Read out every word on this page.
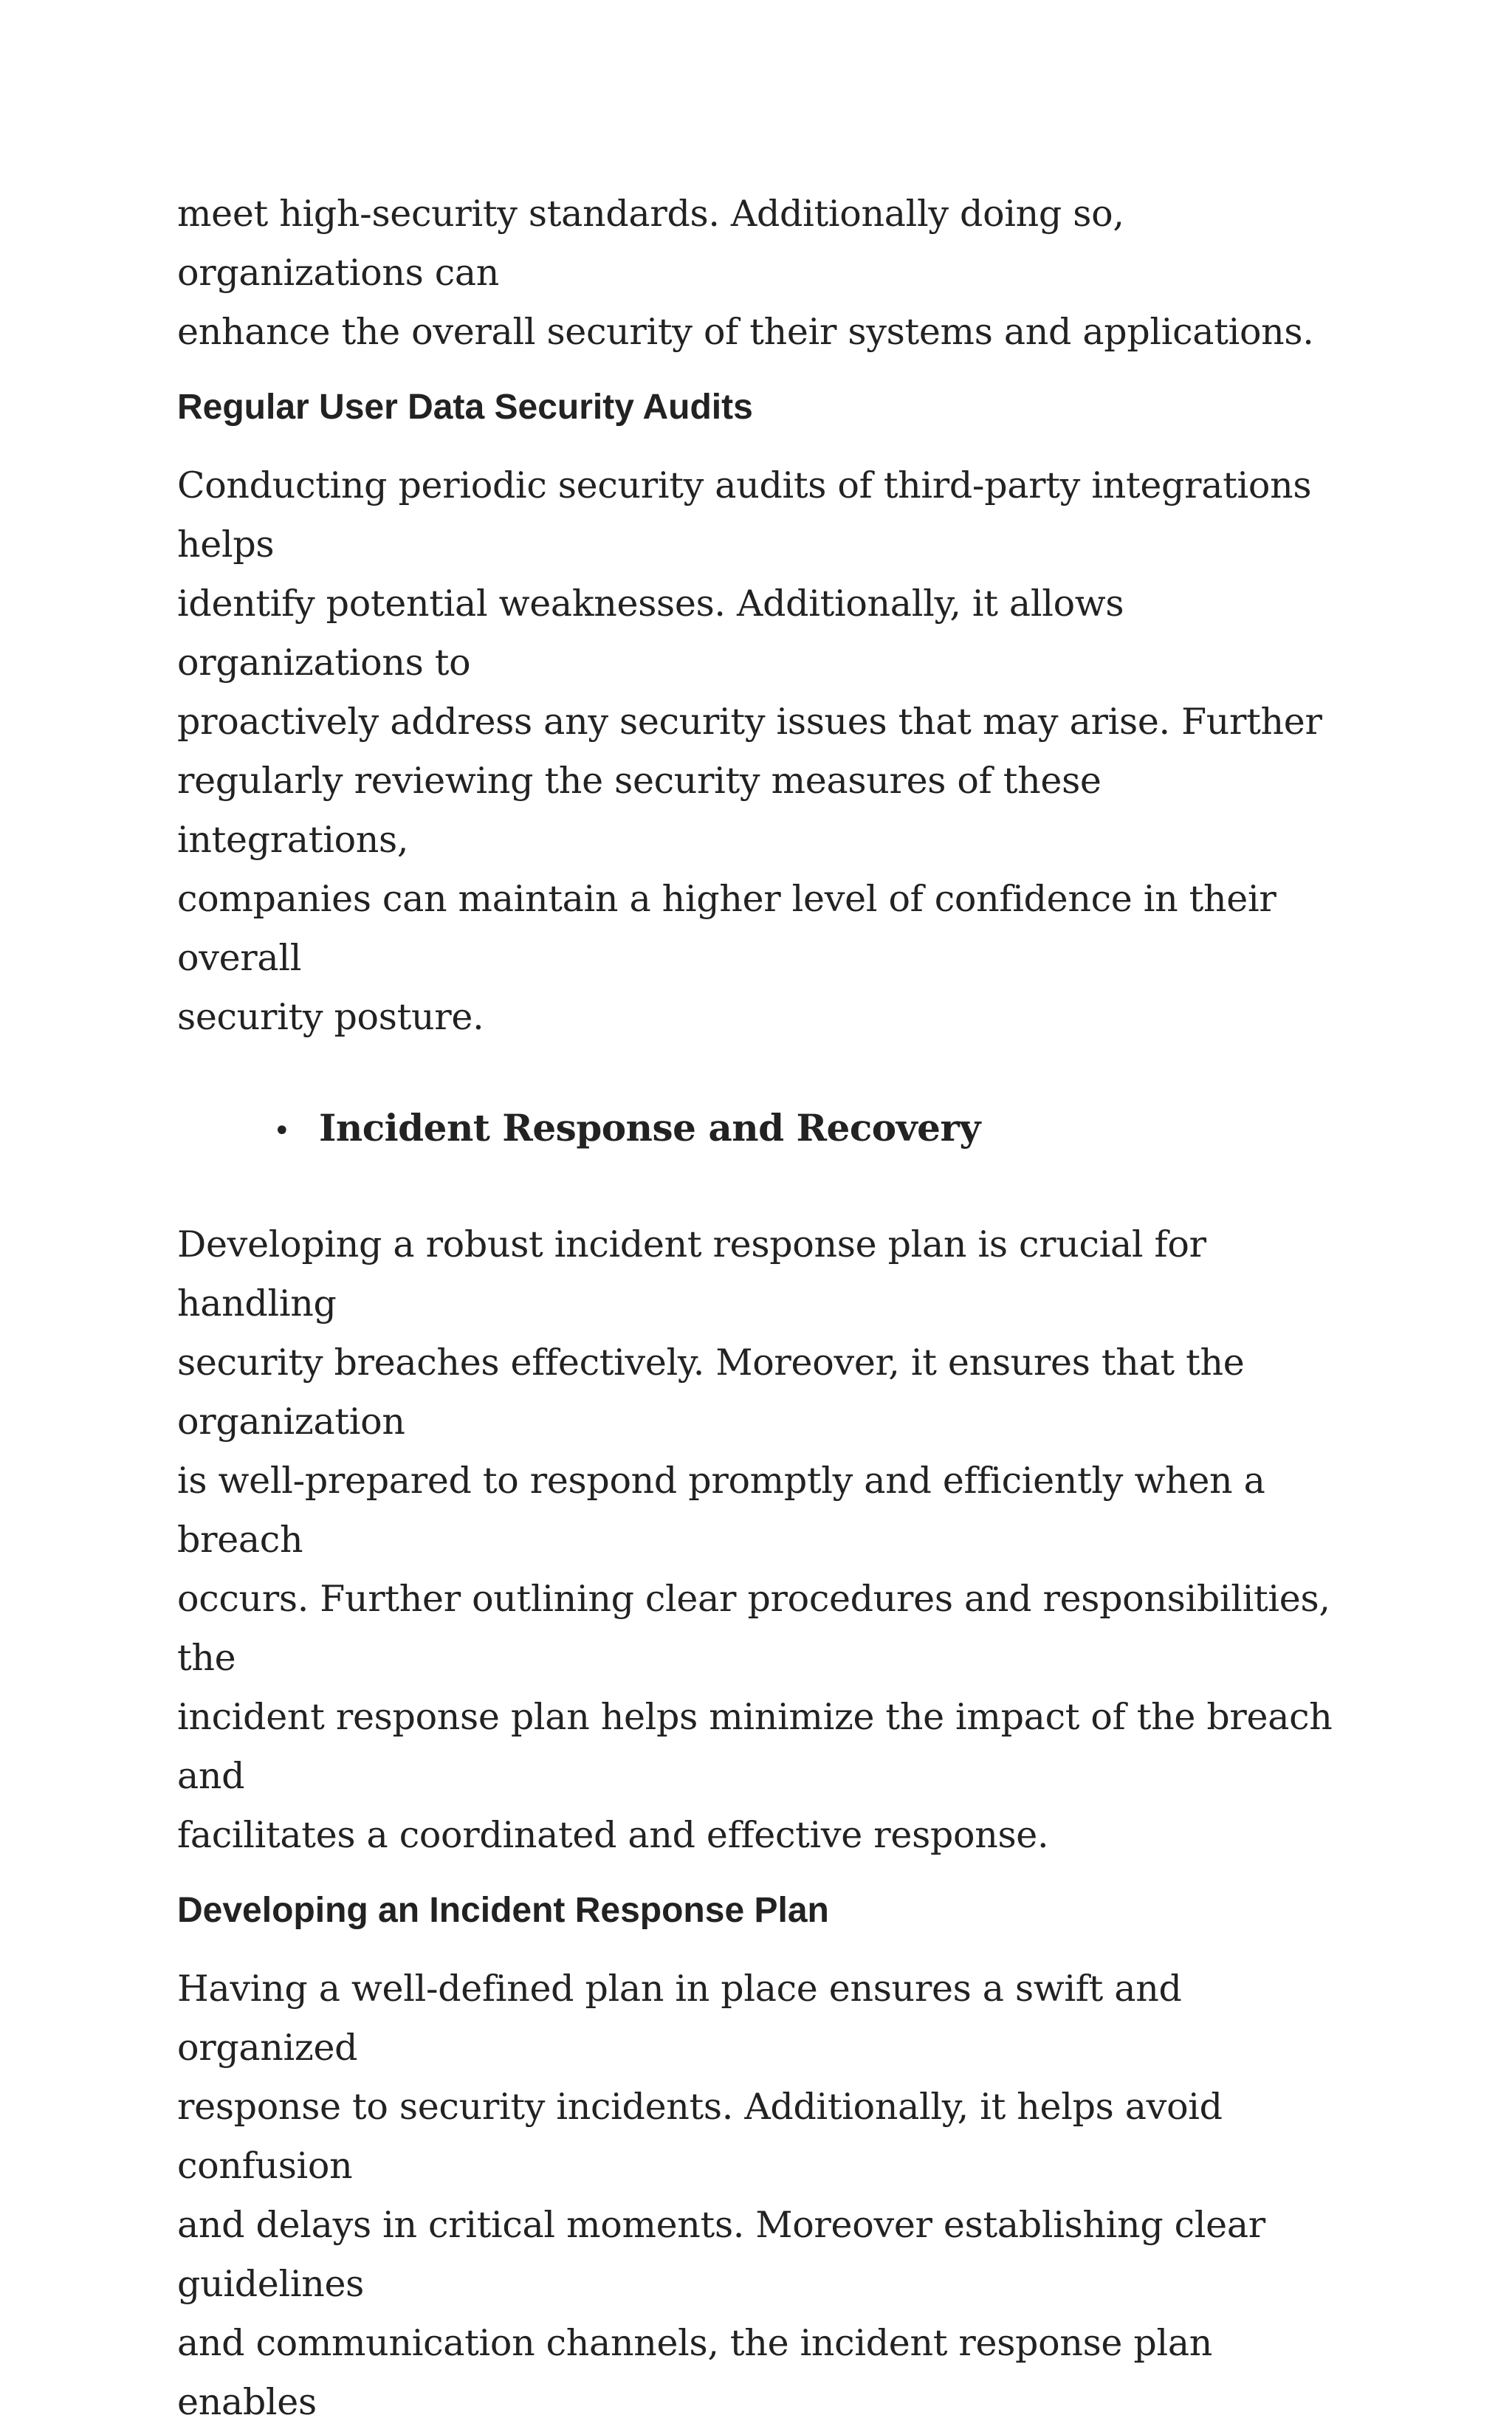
meet high-security standards. Additionally doing so, organizations can
enhance the overall security of their systems and applications.

Regular User Data Security Audits

Conducting periodic security audits of third-party integrations helps
identify potential weaknesses. Additionally, it allows organizations to
proactively address any security issues that may arise. Further
regularly reviewing the security measures of these integrations,
companies can maintain a higher level of confidence in their overall
security posture.

• Incident Response and Recovery

Developing a robust incident response plan is crucial for handling
security breaches effectively. Moreover, it ensures that the organization
is well-prepared to respond promptly and efficiently when a breach
occurs. Further outlining clear procedures and responsibilities, the
incident response plan helps minimize the impact of the breach and
facilitates a coordinated and effective response.

Developing an Incident Response Plan

Having a well-defined plan in place ensures a swift and organized
response to security incidents. Additionally, it helps avoid confusion
and delays in critical moments. Moreover establishing clear guidelines
and communication channels, the incident response plan enables
